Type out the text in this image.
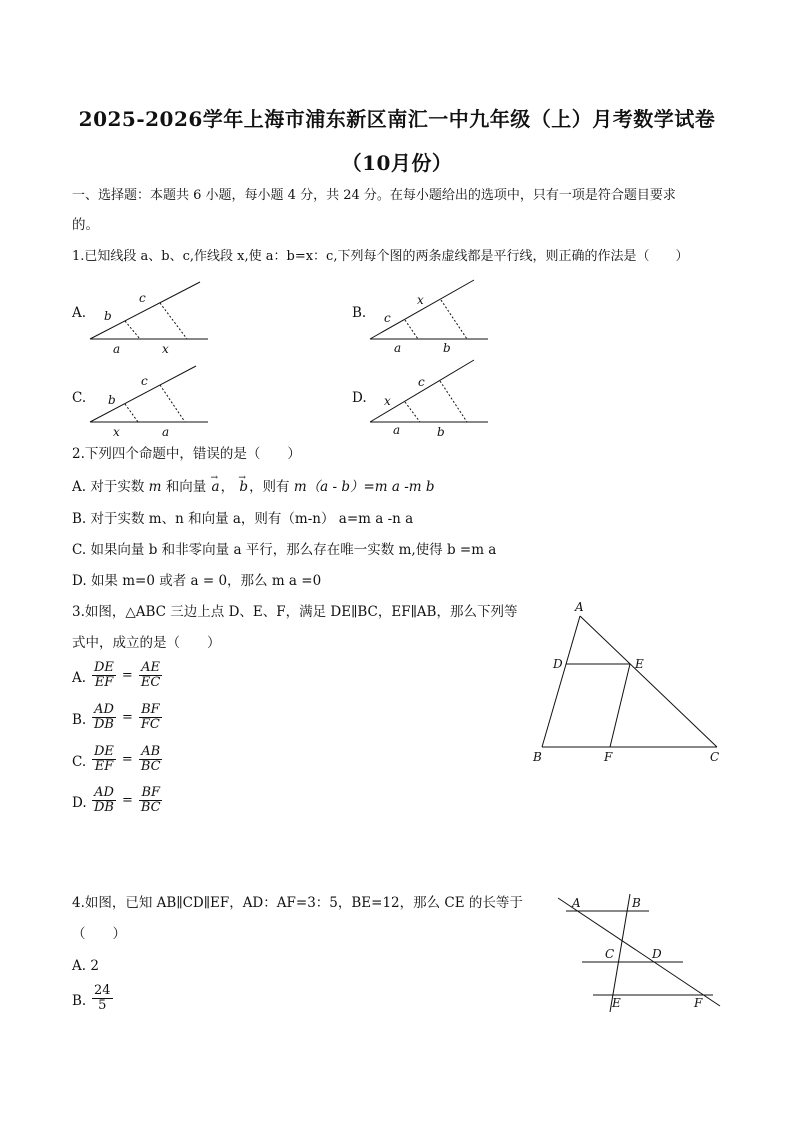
2025-2026学年上海市浦东新区南汇一中九年级（上）月考数学试卷
（10月份）
一、选择题：本题共 6 小题，每小题 4 分，共 24 分。在每小题给出的选项中，只有一项是符合题目要求
的。
1.已知线段 a、b、c,作线段 x,使 a：b=x：c,下列每个图的两条虚线都是平行线，则正确的作法是（　　）
A. b
c
a	x
B. c
x
a	b
C. b
c
x	a
D. x
c
a	b
2.下列四个命题中，错误的是（　　）
A. 对于实数 m 和向量 → a， → b，则有 m（a - b）=m a -m b
B. 对于实数 m、n 和向量 a，则有（m-n） a=m a -n a
C. 如果向量 b 和非零向量 a 平行，那么存在唯一实数 m,使得 b =m a
D. 如果 m=0 或者 a = 0，那么 m a =0
3.如图，△ABC 三边上点 D、E、F，满足 DE∥BC，EF∥AB，那么下列等
式中，成立的是（　　）
A. $\frac{DE}{EF} = \frac{AE}{EC}$
B. $\frac{AD}{DB} = \frac{BF}{FC}$
C. $\frac{DE}{EF} = \frac{AB}{BC}$
D. $\frac{AD}{DB} = \frac{BF}{BC}$
A
D	E
B	F	C
4.如图，已知 AB∥CD∥EF，AD：AF=3：5，BE=12，那么 CE 的长等于
（　　）
A. 2
B. $\frac{24}{5}$
A	B
C	D
E	F
